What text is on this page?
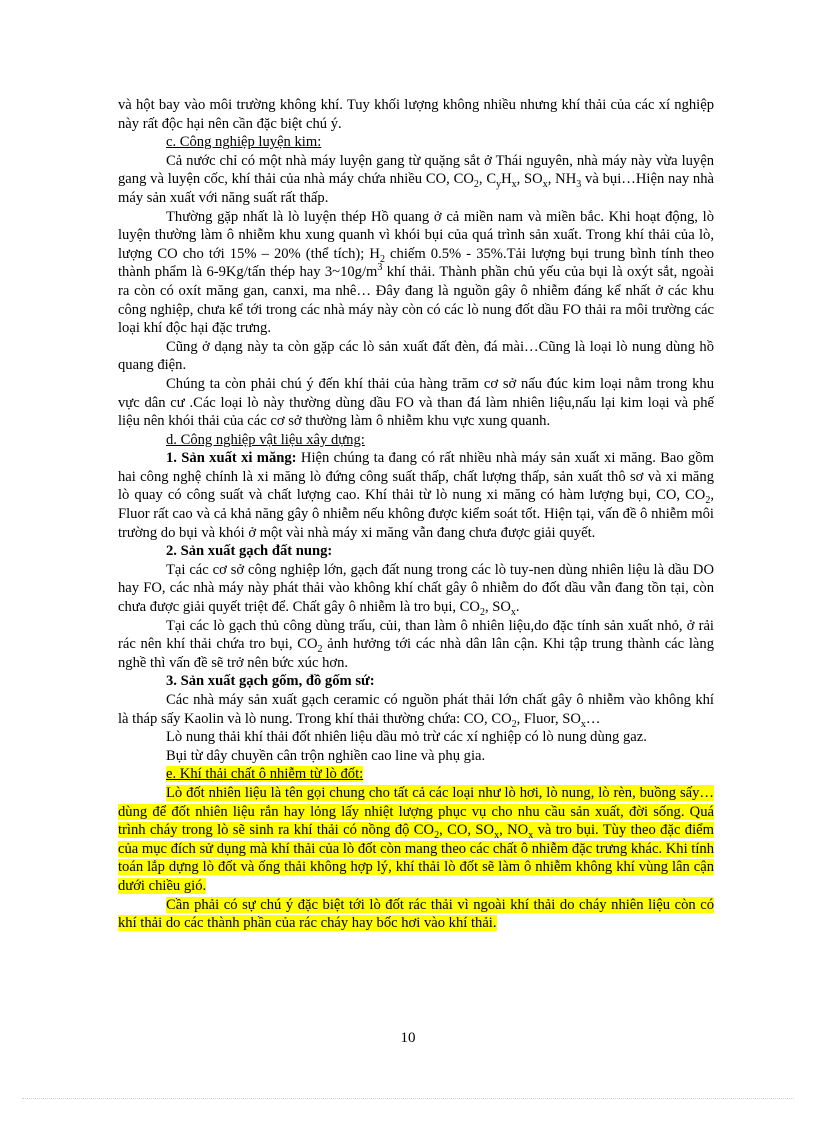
và hột bay vào môi trường không khí. Tuy khối lượng không nhiều nhưng khí thải của các xí nghiệp này rất độc hại nên cần đặc biệt chú ý.

c. Công nghiệp luyện kim:

Cả nước chỉ có một nhà máy luyện gang từ quặng sắt ở Thái nguyên, nhà máy này vừa luyện gang và luyện cốc, khí thải của nhà máy chứa nhiều CO, $CO_2$, $C_yH_x$, $SO_x$, $NH_3$ và bụi…Hiện nay nhà máy sản xuất với năng suất rất thấp.

Thường gặp nhất là lò luyện thép Hồ quang ở cả miền nam và miền bắc. Khi hoạt động, lò luyện thường làm ô nhiễm khu xung quanh vì khói bụi của quá trình sản xuất. Trong khí thải của lò, lượng CO cho tới 15% – 20% (thể tích); $H_2$ chiếm 0.5% - 35%.Tải lượng bụi trung bình tính theo thành phẩm là 6-9Kg/tấn thép hay $3\sim 10g/m^3$ khí thải. Thành phần chủ yếu của bụi là oxýt sắt, ngoài ra còn có oxít măng gan, canxi, ma nhê… Đây đang là nguồn gây ô nhiễm đáng kể nhất ở các khu công nghiệp, chưa kể tới trong các nhà máy này còn có các lò nung đốt dầu FO thải ra môi trường các loại khí độc hại đặc trưng.

Cũng ở dạng này ta còn gặp các lò sản xuất đất đèn, đá mài…Cũng là loại lò nung dùng hồ quang điện.

Chúng ta còn phải chú ý đến khí thải của hàng trăm cơ sở nấu đúc kim loại nằm trong khu vực dân cư .Các loại lò này thường dùng dầu FO và than đá làm nhiên liệu,nấu lại kim loại và phế liệu nên khói thải của các cơ sở thường làm ô nhiễm khu vực xung quanh.

d. Công nghiệp vật liệu xây dựng:

1. Sản xuất xi măng: Hiện chúng ta đang có rất nhiều nhà máy sản xuất xi măng. Bao gồm hai công nghệ chính là xi măng lò đứng công suất thấp, chất lượng thấp, sản xuất thô sơ và xi măng lò quay có công suất và chất lượng cao. Khí thải từ lò nung xi măng có hàm lượng bụi, CO, $CO_2$, Fluor rất cao và cả khả năng gây ô nhiễm nếu không được kiểm soát tốt. Hiện tại, vấn đề ô nhiễm môi trường do bụi và khói ở một vài nhà máy xi măng vẫn đang chưa được giải quyết.

2. Sản xuất gạch đất nung:

Tại các cơ sở công nghiệp lớn, gạch đất nung trong các lò tuy-nen dùng nhiên liệu là dầu DO hay FO, các nhà máy này phát thải vào không khí chất gây ô nhiễm do đốt dầu vẫn đang tồn tại, còn chưa được giải quyết triệt để. Chất gây ô nhiễm là tro bụi, $CO_2$, $SO_x$.

Tại các lò gạch thủ công dùng trấu, củi, than làm ô nhiên liệu,do đặc tính sản xuất nhỏ, ở rải rác nên khí thải chứa tro bụi, $CO_2$ ảnh hưởng tới các nhà dân lân cận. Khi tập trung thành các làng nghề thì vấn đề sẽ trở nên bức xúc hơn.

3. Sản xuất gạch gốm, đồ gốm sứ:

Các nhà máy sản xuất gạch ceramic có nguồn phát thải lớn chất gây ô nhiễm vào không khí là tháp sấy Kaolin và lò nung. Trong khí thải thường chứa: CO, $CO_2$, Fluor, $SO_x\dots$

Lò nung thải khí thải đốt nhiên liệu dầu mỏ trừ các xí nghiệp có lò nung dùng gaz.

Bụi từ dây chuyền cân trộn nghiền cao line và phụ gia.

e. Khí thải chất ô nhiễm từ lò đốt:

Lò đốt nhiên liệu là tên gọi chung cho tất cả các loại như lò hơi, lò nung, lò rèn, buồng sấy…dùng để đốt nhiên liệu rắn hay lỏng lấy nhiệt lượng phục vụ cho nhu cầu sản xuất, đời sống. Quá trình cháy trong lò sẽ sinh ra khí thải có nồng độ $CO_2$, CO, $SO_x$, $NO_x$ và tro bụi. Tùy theo đặc điểm của mục đích sử dụng mà khí thải của lò đốt còn mang theo các chất ô nhiễm đặc trưng khác. Khi tính toán lắp dựng lò đốt và ống thải không hợp lý, khí thải lò đốt sẽ làm ô nhiễm không khí vùng lân cận dưới chiều gió.

Cần phải có sự chú ý đặc biệt tới lò đốt rác thải vì ngoài khí thải do cháy nhiên liệu còn có khí thải do các thành phần của rác cháy hay bốc hơi vào khí thải.

10
